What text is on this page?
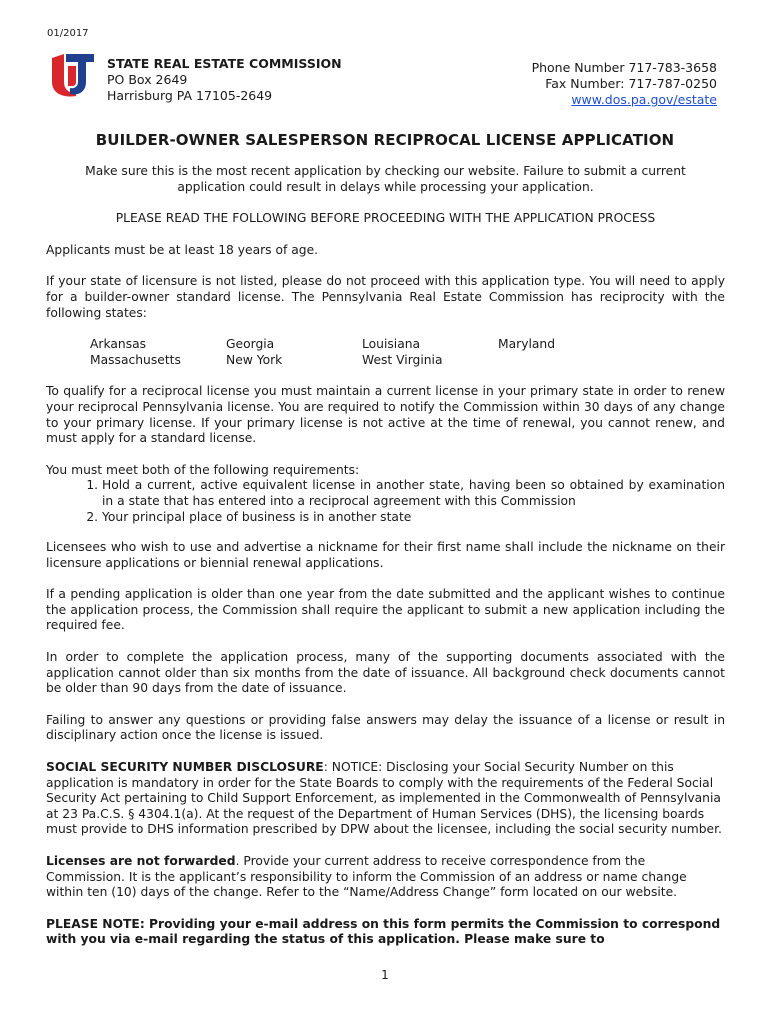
01/2017
STATE REAL ESTATE COMMISSION
PO Box 2649
Harrisburg PA 17105-2649
Phone Number 717-783-3658
Fax Number: 717-787-0250
www.dos.pa.gov/estate
BUILDER-OWNER SALESPERSON RECIPROCAL LICENSE APPLICATION
Make sure this is the most recent application by checking our website. Failure to submit a current
application could result in delays while processing your application.
PLEASE READ THE FOLLOWING BEFORE PROCEEDING WITH THE APPLICATION PROCESS

Applicants must be at least 18 years of age.

If your state of licensure is not listed, please do not proceed with this application type. You will need to apply for a builder-owner standard license. The Pennsylvania Real Estate Commission has reciprocity with the following states:

Arkansas	Georgia	Louisiana	Maryland
Massachusetts	New York	West Virginia

To qualify for a reciprocal license you must maintain a current license in your primary state in order to renew your reciprocal Pennsylvania license. You are required to notify the Commission within 30 days of any change to your primary license. If your primary license is not active at the time of renewal, you cannot renew, and must apply for a standard license.

You must meet both of the following requirements:

1. Hold a current, active equivalent license in another state, having been so obtained by examination in a state that has entered into a reciprocal agreement with this Commission
2. Your principal place of business is in another state

Licensees who wish to use and advertise a nickname for their first name shall include the nickname on their licensure applications or biennial renewal applications.

If a pending application is older than one year from the date submitted and the applicant wishes to continue the application process, the Commission shall require the applicant to submit a new application including the required fee.

In order to complete the application process, many of the supporting documents associated with the application cannot older than six months from the date of issuance. All background check documents cannot be older than 90 days from the date of issuance.

Failing to answer any questions or providing false answers may delay the issuance of a license or result in disciplinary action once the license is issued.

SOCIAL SECURITY NUMBER DISCLOSURE: NOTICE: Disclosing your Social Security Number on this application is mandatory in order for the State Boards to comply with the requirements of the Federal Social Security Act pertaining to Child Support Enforcement, as implemented in the Commonwealth of Pennsylvania at 23 Pa.C.S. § 4304.1(a). At the request of the Department of Human Services (DHS), the licensing boards must provide to DHS information prescribed by DPW about the licensee, including the social security number.

Licenses are not forwarded. Provide your current address to receive correspondence from the Commission. It is the applicant’s responsibility to inform the Commission of an address or name change within ten (10) days of the change. Refer to the “Name/Address Change” form located on our website.

PLEASE NOTE: Providing your e-mail address on this form permits the Commission to correspond with you via e-mail regarding the status of this application. Please make sure to

1
